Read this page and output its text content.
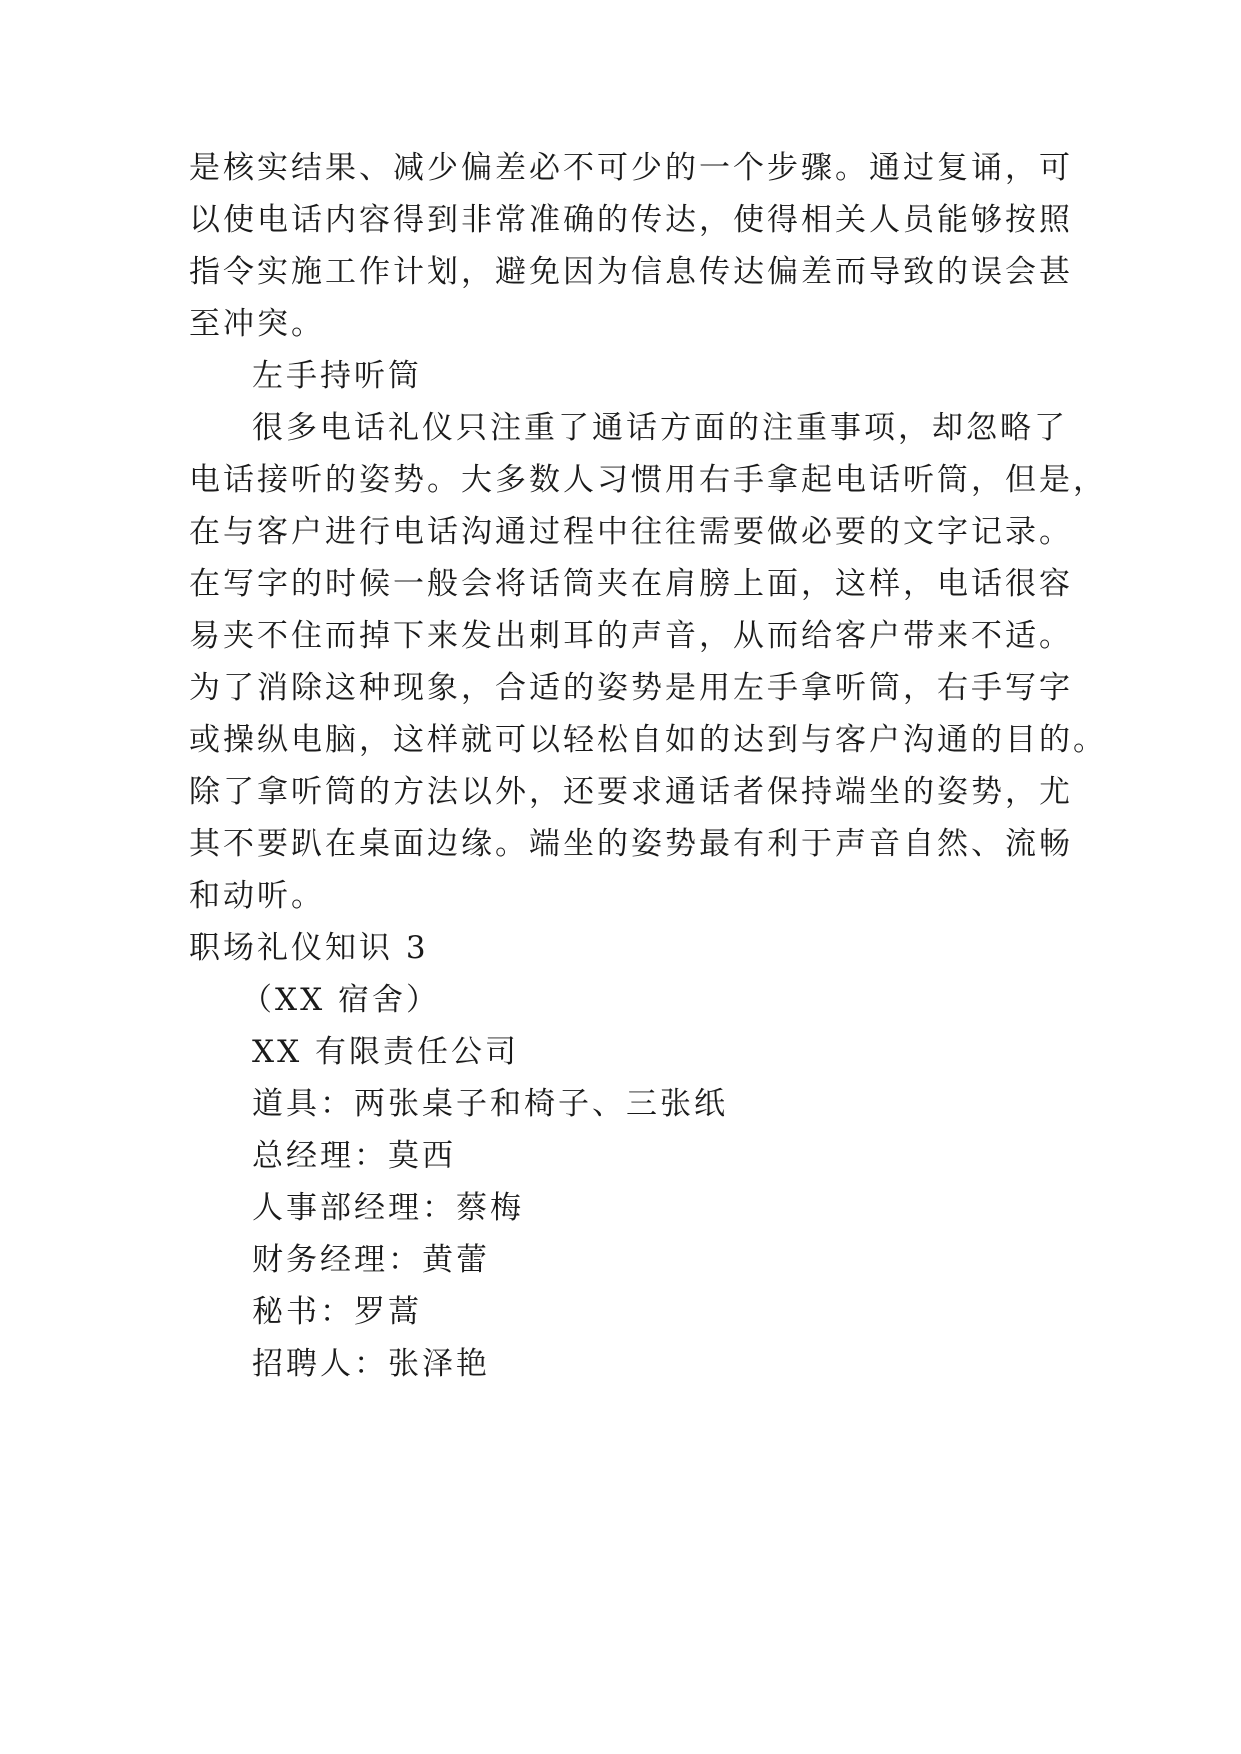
是核实结果、减少偏差必不可少的一个步骤。通过复诵，可
以使电话内容得到非常准确的传达，使得相关人员能够按照
指令实施工作计划，避免因为信息传达偏差而导致的误会甚
至冲突。
左手持听筒
很多电话礼仪只注重了通话方面的注重事项，却忽略了
电话接听的姿势。大多数人习惯用右手拿起电话听筒，但是，
在与客户进行电话沟通过程中往往需要做必要的文字记录。
在写字的时候一般会将话筒夹在肩膀上面，这样，电话很容
易夹不住而掉下来发出刺耳的声音，从而给客户带来不适。
为了消除这种现象，合适的姿势是用左手拿听筒，右手写字
或操纵电脑，这样就可以轻松自如的达到与客户沟通的目的。
除了拿听筒的方法以外，还要求通话者保持端坐的姿势，尤
其不要趴在桌面边缘。端坐的姿势最有利于声音自然、流畅
和动听。
职场礼仪知识 3
（XX 宿舍）
XX 有限责任公司
道具：两张桌子和椅子、三张纸
总经理：莫西
人事部经理：蔡梅
财务经理：黄蕾
秘书：罗蒿
招聘人：张泽艳
